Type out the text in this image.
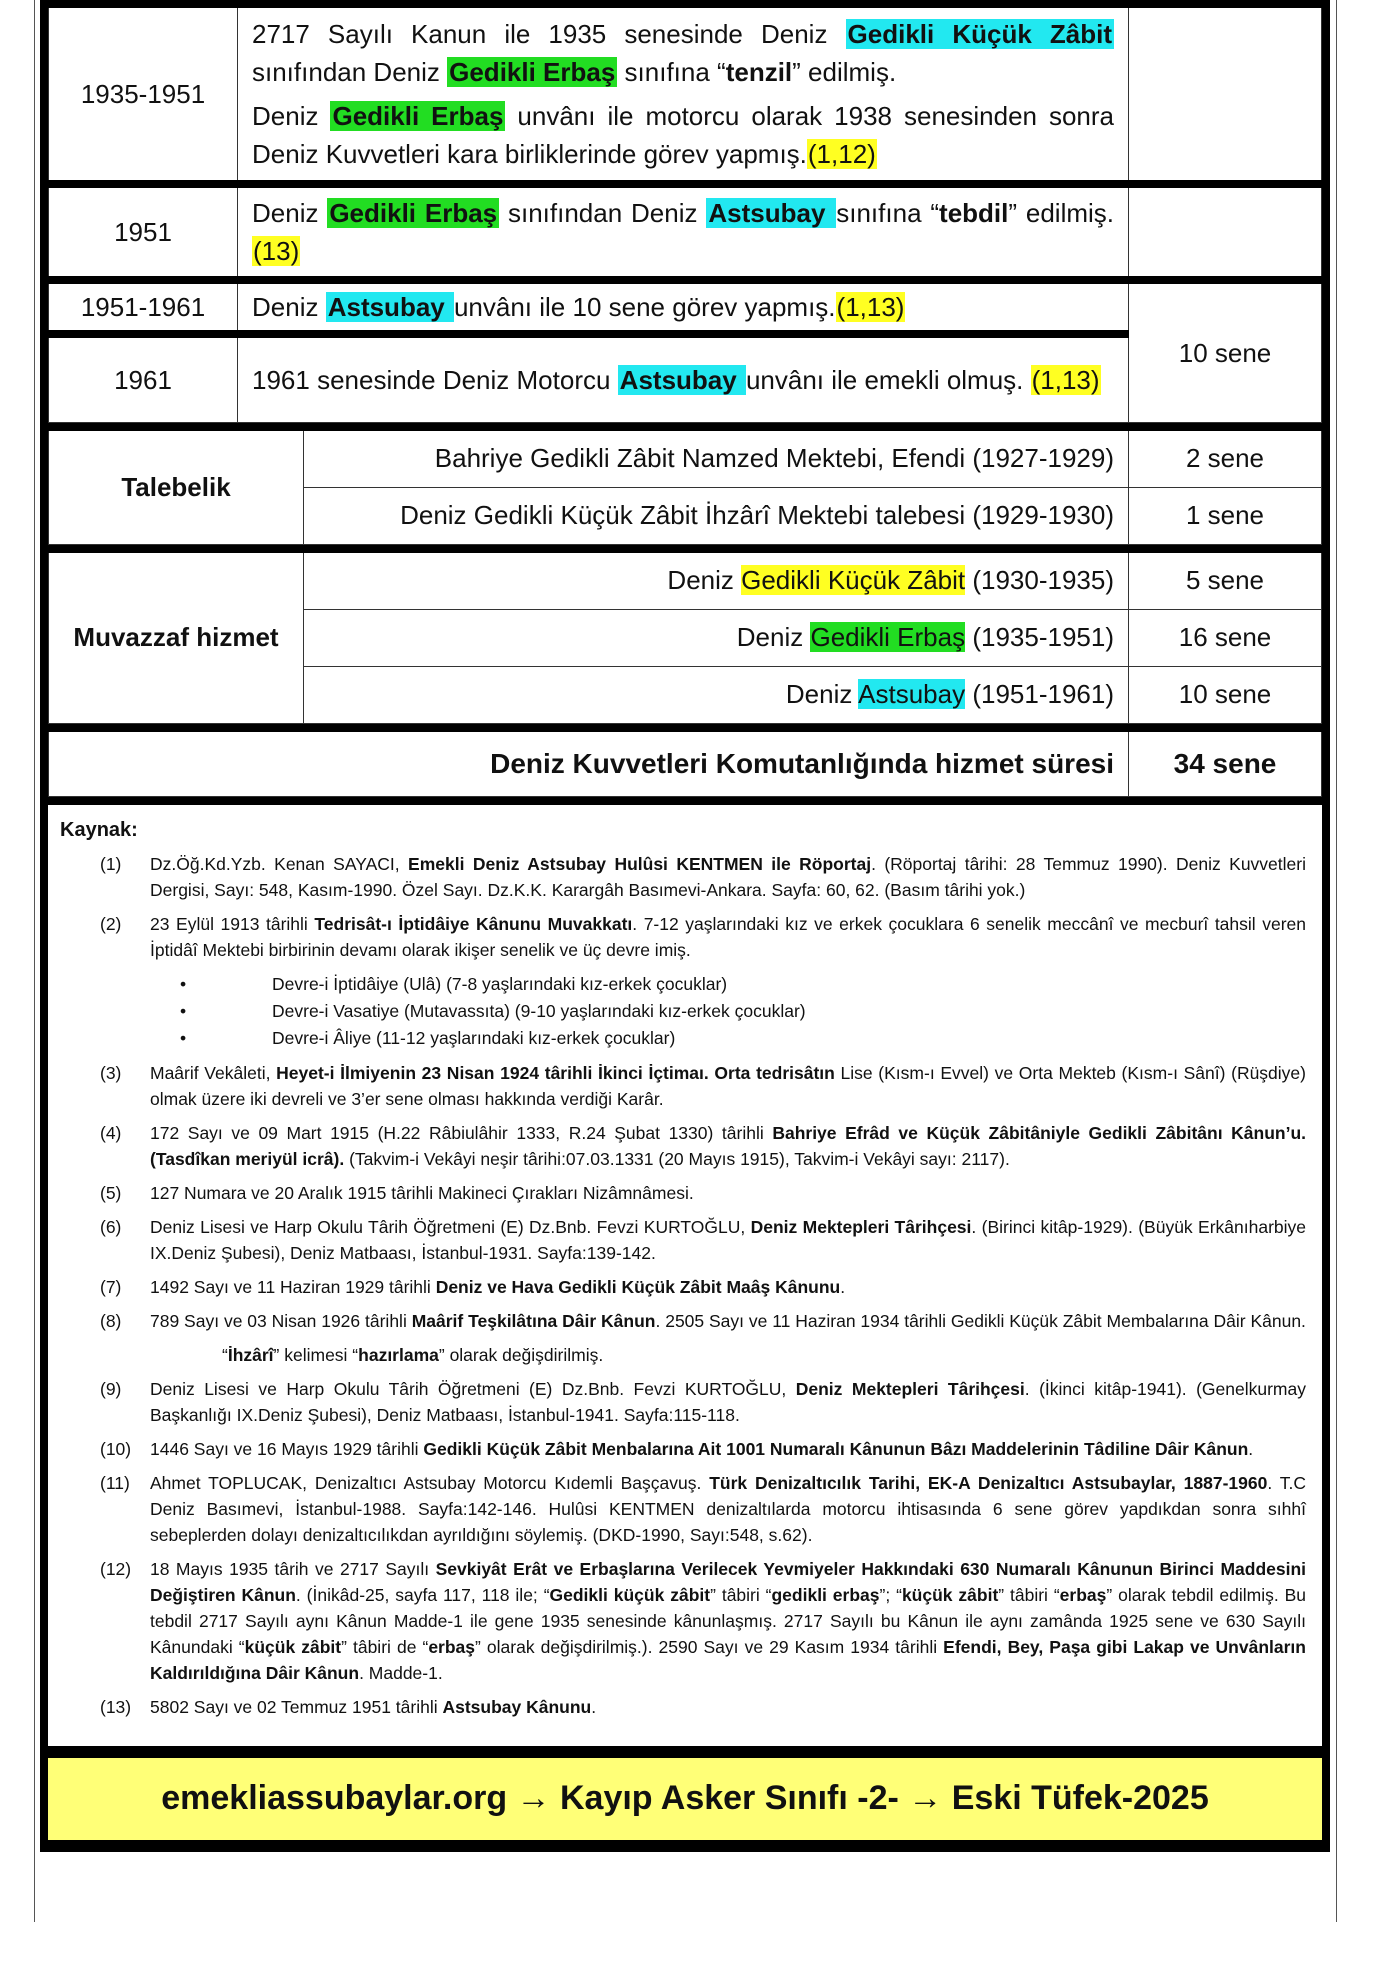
1935-1951	2717 Sayılı Kanun ile 1935 senesinde Deniz Gedikli Küçük Zâbit sınıfından Deniz Gedikli Erbaş sınıfına “tenzil” edilmiş.
Deniz Gedikli Erbaş unvânı ile motorcu olarak 1938 senesinden sonra Deniz Kuvvetleri kara birliklerinde görev yapmış.(1,12)	

1951	Deniz Gedikli Erbaş sınıfından Deniz Astsubay sınıfına “tebdil” edilmiş.(13)	

1951-1961	Deniz Astsubay unvânı ile 10 sene görev yapmış.(1,13)	10 sene
1961	1961 senesinde Deniz Motorcu Astsubay unvânı ile emekli olmuş. (1,13)	
Talebelik	Bahriye Gedikli Zâbit Namzed Mektebi, Efendi (1927-1929)	2 sene
	Deniz Gedikli Küçük Zâbit İhzârî Mektebi talebesi (1929-1930)	1 sene
Muvazzaf hizmet	Deniz Gedikli Küçük Zâbit (1930-1935)	5 sene
	Deniz Gedikli Erbaş (1935-1951)	16 sene
	Deniz Astsubay (1951-1961)	10 sene
Deniz Kuvvetleri Komutanlığında hizmet süresi	34 sene
Kaynak:
(1)	Dz.Öğ.Kd.Yzb. Kenan SAYACI, Emekli Deniz Astsubay Hulûsi KENTMEN ile Röportaj. (Röportaj târihi: 28 Temmuz 1990). Deniz Kuvvetleri Dergisi, Sayı: 548, Kasım-1990. Özel Sayı. Dz.K.K. Karargâh Basımevi-Ankara. Sayfa: 60, 62. (Basım târihi yok.)
(2)	23 Eylül 1913 târihli Tedrisât-ı İptidâiye Kânunu Muvakkatı. 7-12 yaşlarındaki kız ve erkek çocuklara 6 senelik meccânî ve mecburî tahsil veren İptidâî Mektebi birbirinin devamı olarak ikişer senelik ve üç devre imiş.
•	Devre-i İptidâiye (Ulâ) (7-8 yaşlarındaki kız-erkek çocuklar)
•	Devre-i Vasatiye (Mutavassıta) (9-10 yaşlarındaki kız-erkek çocuklar)
•	Devre-i Âliye (11-12 yaşlarındaki kız-erkek çocuklar)
(3)	Maârif Vekâleti, Heyet-i İlmiyenin 23 Nisan 1924 târihli İkinci İçtimaı. Orta tedrisâtın Lise (Kısm-ı Evvel) ve Orta Mekteb (Kısm-ı Sânî) (Rüşdiye) olmak üzere iki devreli ve 3’er sene olması hakkında verdiği Karâr.
(4)	172 Sayı ve 09 Mart 1915 (H.22 Râbiulâhir 1333, R.24 Şubat 1330) târihli Bahriye Efrâd ve Küçük Zâbitâniyle Gedikli Zâbitânı Kânun’u. (Tasdîkan meriyül icrâ). (Takvim-i Vekâyi neşir târihi:07.03.1331 (20 Mayıs 1915), Takvim-i Vekâyi sayı: 2117).
(5)	127 Numara ve 20 Aralık 1915 târihli Makineci Çırakları Nizâmnâmesi.
(6)	Deniz Lisesi ve Harp Okulu Târih Öğretmeni (E) Dz.Bnb. Fevzi KURTOĞLU, Deniz Mektepleri Târihçesi. (Birinci kitâp-1929). (Büyük Erkânıharbiye IX.Deniz Şubesi), Deniz Matbaası, İstanbul-1931. Sayfa:139-142.
(7)	1492 Sayı ve 11 Haziran 1929 târihli Deniz ve Hava Gedikli Küçük Zâbit Maâş Kânunu.
(8)	789 Sayı ve 03 Nisan 1926 târihli Maârif Teşkilâtına Dâir Kânun. 2505 Sayı ve 11 Haziran 1934 târihli Gedikli Küçük Zâbit Membalarına Dâir Kânun.
“İhzârî” kelimesi “hazırlama” olarak değişdirilmiş.
(9)	Deniz Lisesi ve Harp Okulu Târih Öğretmeni (E) Dz.Bnb. Fevzi KURTOĞLU, Deniz Mektepleri Târihçesi. (İkinci kitâp-1941). (Genelkurmay Başkanlığı IX.Deniz Şubesi), Deniz Matbaası, İstanbul-1941. Sayfa:115-118.
(10)	1446 Sayı ve 16 Mayıs 1929 târihli Gedikli Küçük Zâbit Menbalarına Ait 1001 Numaralı Kânunun Bâzı Maddelerinin Tâdiline Dâir Kânun.
(11)	Ahmet TOPLUCAK, Denizaltıcı Astsubay Motorcu Kıdemli Başçavuş. Türk Denizaltıcılık Tarihi, EK-A Denizaltıcı Astsubaylar, 1887-1960. T.C Deniz Basımevi, İstanbul-1988. Sayfa:142-146. Hulûsi KENTMEN denizaltılarda motorcu ihtisasında 6 sene görev yapdıkdan sonra sıhhî sebeplerden dolayı denizaltıcılıkdan ayrıldığını söylemiş. (DKD-1990, Sayı:548, s.62).
(12)	18 Mayıs 1935 târih ve 2717 Sayılı Sevkiyât Erât ve Erbaşlarına Verilecek Yevmiyeler Hakkındaki 630 Numaralı Kânunun Birinci Maddesini Değiştiren Kânun. (İnikâd-25, sayfa 117, 118 ile; “Gedikli küçük zâbit” tâbiri “gedikli erbaş”; “küçük zâbit” tâbiri “erbaş” olarak tebdil edilmiş. Bu tebdil 2717 Sayılı aynı Kânun Madde-1 ile gene 1935 senesinde kânunlaşmış. 2717 Sayılı bu Kânun ile aynı zamânda 1925 sene ve 630 Sayılı Kânundaki “küçük zâbit” tâbiri de “erbaş” olarak değişdirilmiş.). 2590 Sayı ve 29 Kasım 1934 târihli Efendi, Bey, Paşa gibi Lakap ve Unvânların Kaldırıldığına Dâir Kânun. Madde-1.
(13)	5802 Sayı ve 02 Temmuz 1951 târihli Astsubay Kânunu.
emekliassubaylar.org → Kayıp Asker Sınıfı -2- → Eski Tüfek-2025
